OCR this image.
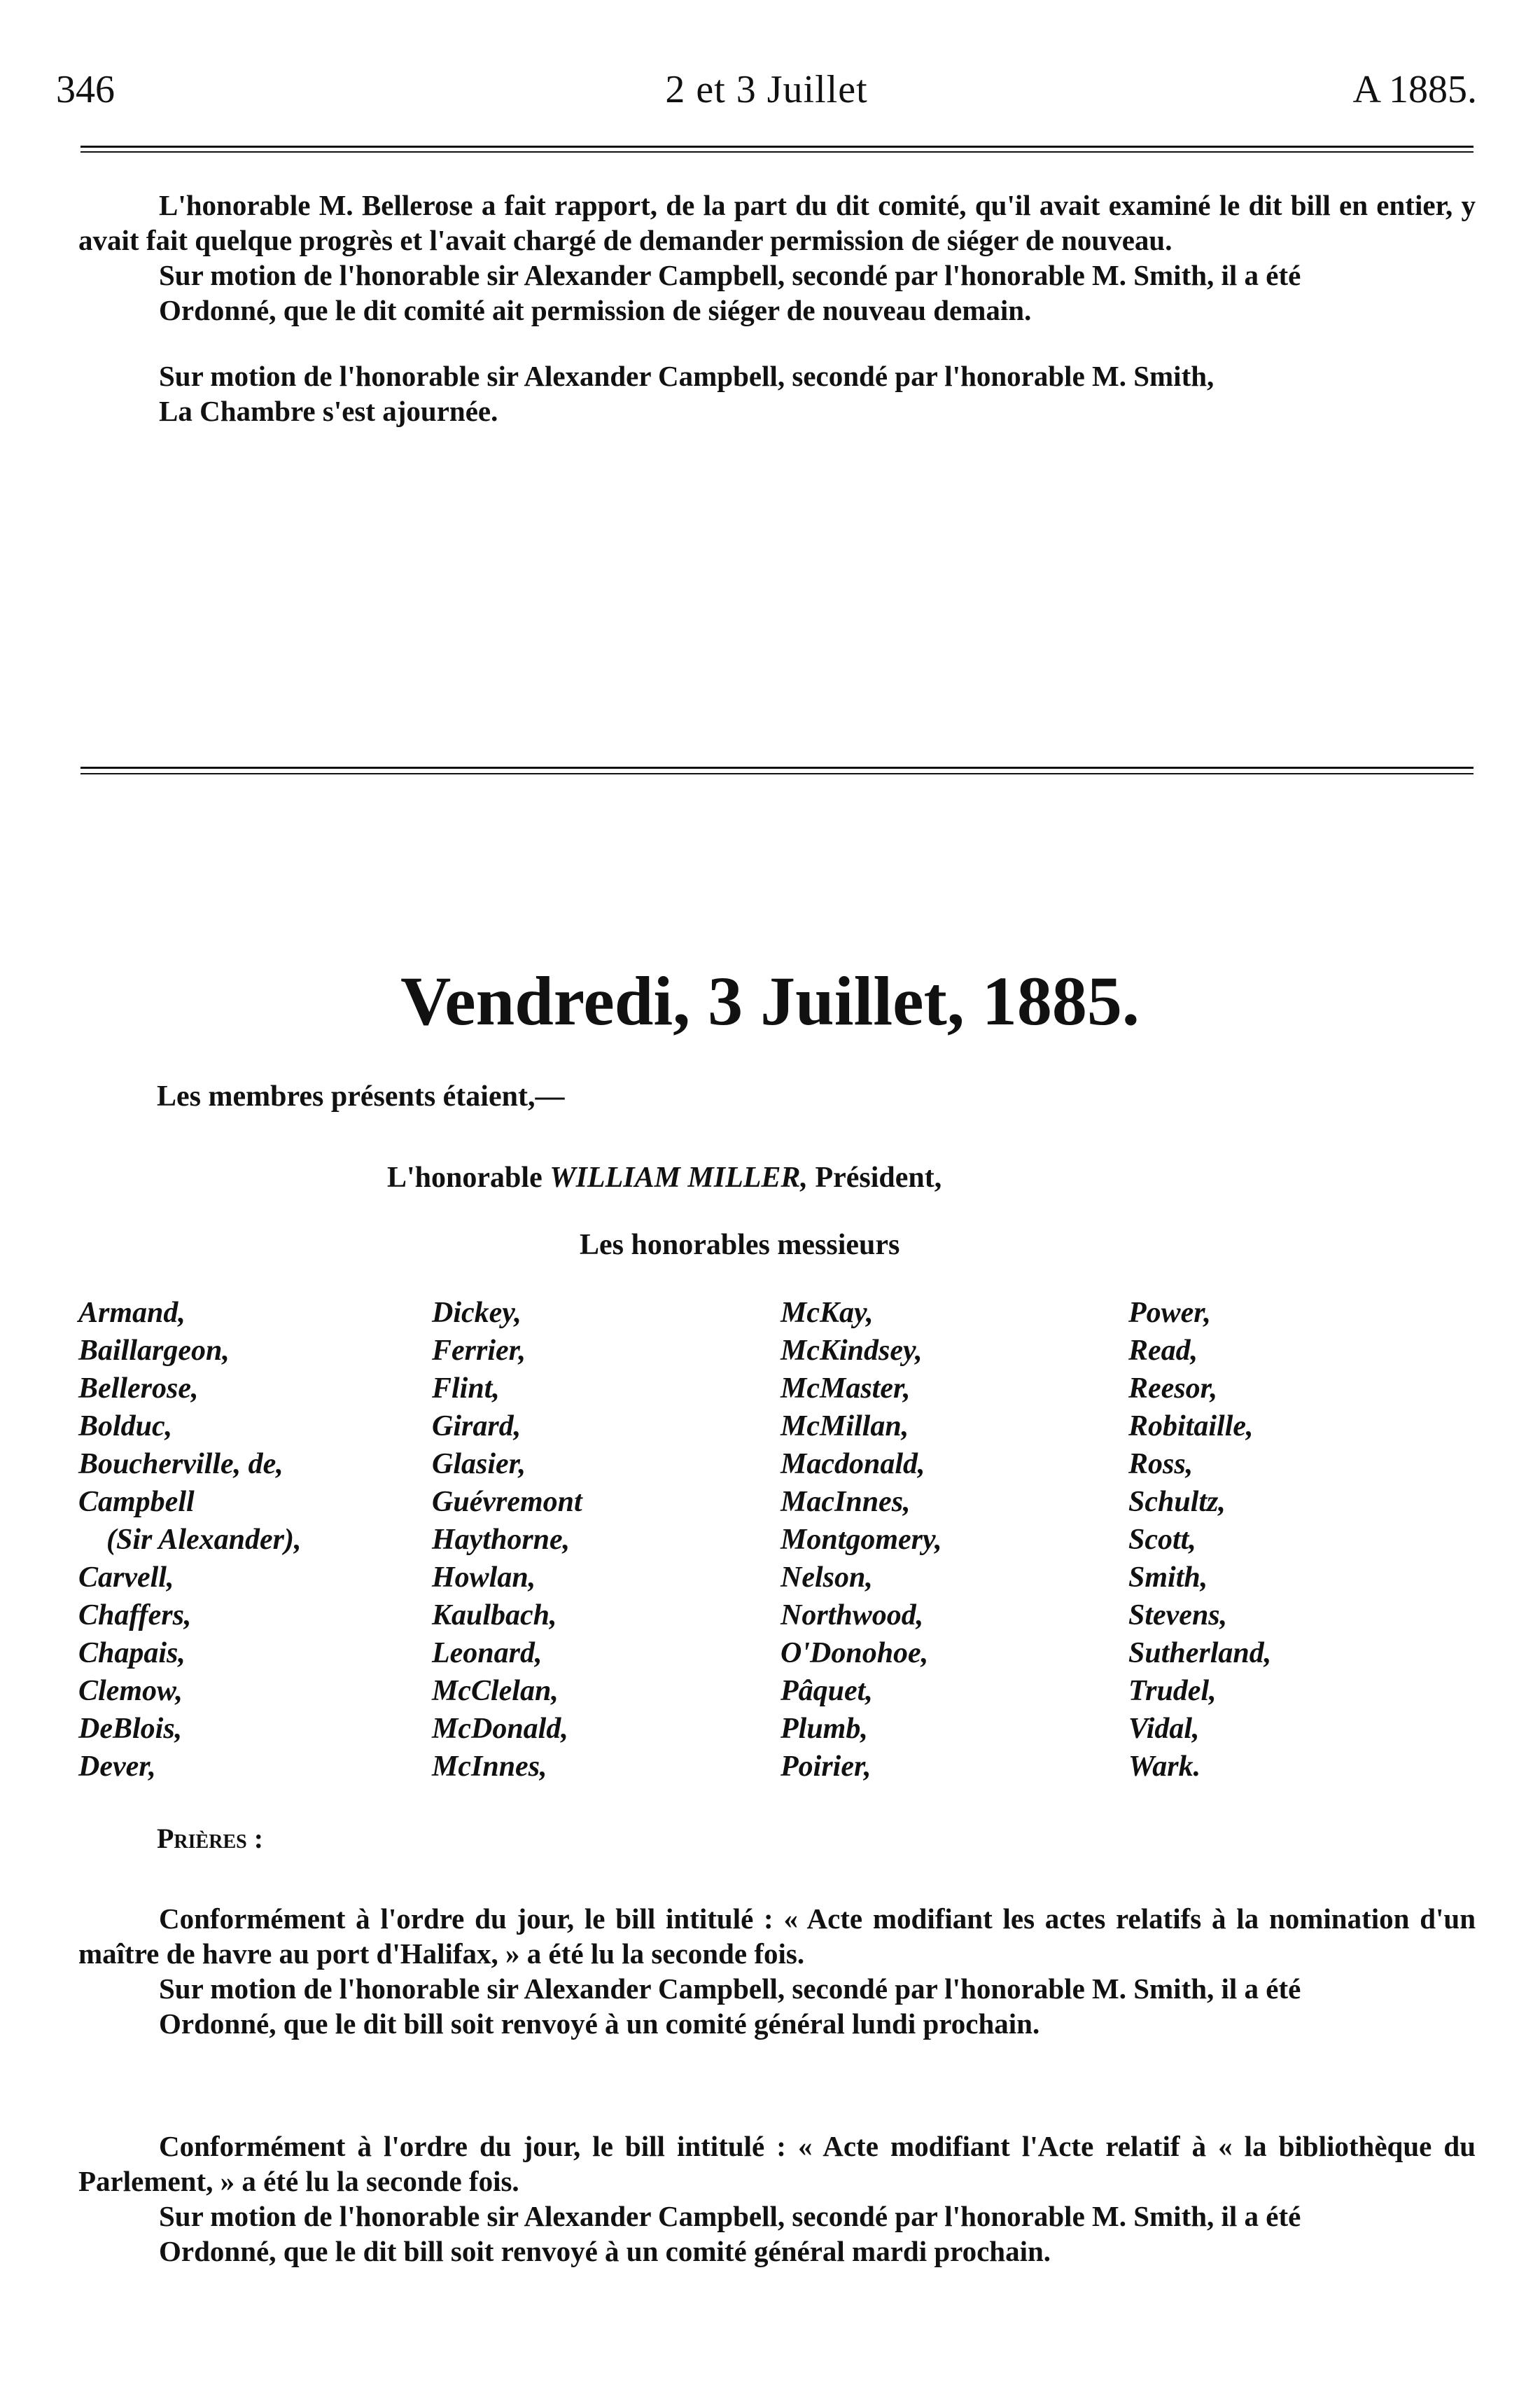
346	2 et 3 Juillet	A 1885.

L'honorable M. Bellerose a fait rapport, de la part du dit comité, qu'il avait examiné le dit bill en entier, y avait fait quelque progrès et l'avait chargé de demander permission de siéger de nouveau.

Sur motion de l'honorable sir Alexander Campbell, secondé par l'honorable M. Smith, il a été

Ordonné, que le dit comité ait permission de siéger de nouveau demain.

Sur motion de l'honorable sir Alexander Campbell, secondé par l'honorable M. Smith,

La Chambre s'est ajournée.

Vendredi, 3 Juillet, 1885.
Les membres présents étaient,—
L'honorable WILLIAM MILLER, Président,
Les honorables messieurs
Armand,
Baillargeon,
Bellerose,
Bolduc,
Boucherville, de,
Campbell
(Sir Alexander),
Carvell,
Chaffers,
Chapais,
Clemow,
DeBlois,
Dever,
Dickey,
Ferrier,
Flint,
Girard,
Glasier,
Guévremont
Haythorne,
Howlan,
Kaulbach,
Leonard,
McClelan,
McDonald,
McInnes,
McKay,
McKindsey,
McMaster,
McMillan,
Macdonald,
MacInnes,
Montgomery,
Nelson,
Northwood,
O'Donohoe,
Pâquet,
Plumb,
Poirier,
Power,
Read,
Reesor,
Robitaille,
Ross,
Schultz,
Scott,
Smith,
Stevens,
Sutherland,
Trudel,
Vidal,
Wark.
Prières :

Conformément à l'ordre du jour, le bill intitulé : « Acte modifiant les actes relatifs à la nomination d'un maître de havre au port d'Halifax, » a été lu la seconde fois.

Sur motion de l'honorable sir Alexander Campbell, secondé par l'honorable M. Smith, il a été

Ordonné, que le dit bill soit renvoyé à un comité général lundi prochain.

Conformément à l'ordre du jour, le bill intitulé : « Acte modifiant l'Acte relatif à « la bibliothèque du Parlement, » a été lu la seconde fois.

Sur motion de l'honorable sir Alexander Campbell, secondé par l'honorable M. Smith, il a été

Ordonné, que le dit bill soit renvoyé à un comité général mardi prochain.
